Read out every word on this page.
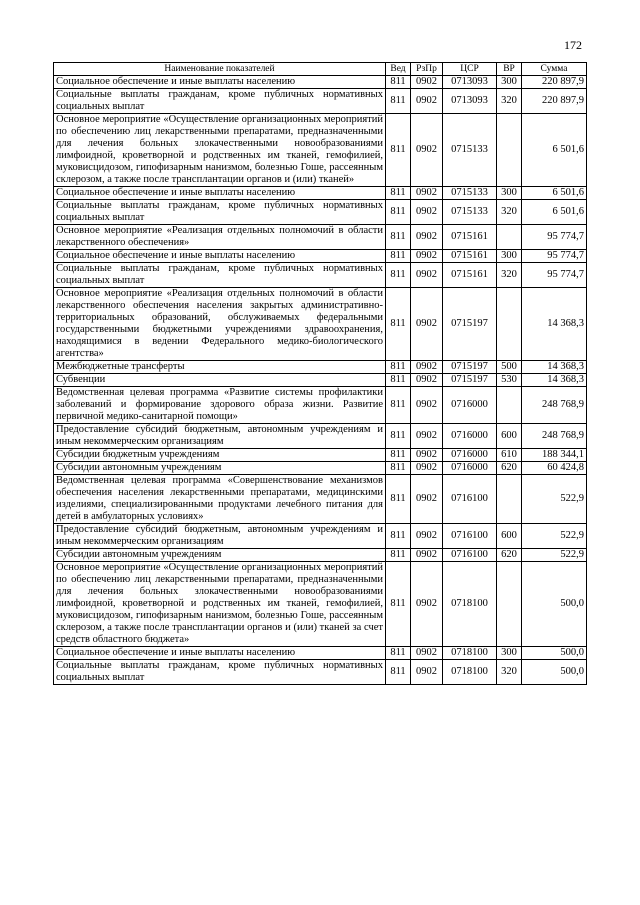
172
Наименование показателей	Вед	РзПр	ЦСР	ВР	Сумма
Социальное обеспечение и иные выплаты населению	811	0902	0713093	300	220 897,9
Социальные выплаты гражданам, кроме публичных нормативных социальных выплат	811	0902	0713093	320	220 897,9
Основное мероприятие «Осуществление организационных мероприятий по обеспечению лиц лекарственными препаратами, предназначенными для лечения больных злокачественными новообразованиями лимфоидной, кроветворной и родственных им тканей, гемофилией, муковисцидозом, гипофизарным нанизмом, болезнью Гоше, рассеянным склерозом, а также после трансплантации органов и (или) тканей»	811	0902	0715133		6 501,6
Социальное обеспечение и иные выплаты населению	811	0902	0715133	300	6 501,6
Социальные выплаты гражданам, кроме публичных нормативных социальных выплат	811	0902	0715133	320	6 501,6
Основное мероприятие «Реализация отдельных полномочий в области лекарственного обеспечения»	811	0902	0715161		95 774,7
Социальное обеспечение и иные выплаты населению	811	0902	0715161	300	95 774,7
Социальные выплаты гражданам, кроме публичных нормативных социальных выплат	811	0902	0715161	320	95 774,7
Основное мероприятие «Реализация отдельных полномочий в области лекарственного обеспечения населения закрытых административно-территориальных образований, обслуживаемых федеральными государственными бюджетными учреждениями здравоохранения, находящимися в ведении Федерального медико-биологического агентства»	811	0902	0715197		14 368,3
Межбюджетные трансферты	811	0902	0715197	500	14 368,3
Субвенции	811	0902	0715197	530	14 368,3
Ведомственная целевая программа «Развитие системы профилактики заболеваний и формирование здорового образа жизни. Развитие первичной медико-санитарной помощи»	811	0902	0716000		248 768,9
Предоставление субсидий бюджетным, автономным учреждениям и иным некоммерческим организациям	811	0902	0716000	600	248 768,9
Субсидии бюджетным учреждениям	811	0902	0716000	610	188 344,1
Субсидии автономным учреждениям	811	0902	0716000	620	60 424,8
Ведомственная целевая программа «Совершенствование механизмов обеспечения населения лекарственными препаратами, медицинскими изделиями, специализированными продуктами лечебного питания для детей в амбулаторных условиях»	811	0902	0716100		522,9
Предоставление субсидий бюджетным, автономным учреждениям и иным некоммерческим организациям	811	0902	0716100	600	522,9
Субсидии автономным учреждениям	811	0902	0716100	620	522,9
Основное мероприятие «Осуществление организационных мероприятий по обеспечению лиц лекарственными препаратами, предназначенными для лечения больных злокачественными новообразованиями лимфоидной, кроветворной и родственных им тканей, гемофилией, муковисцидозом, гипофизарным нанизмом, болезнью Гоше, рассеянным склерозом, а также после трансплантации органов и (или) тканей за счет средств областного бюджета»	811	0902	0718100		500,0
Социальное обеспечение и иные выплаты населению	811	0902	0718100	300	500,0
Социальные выплаты гражданам, кроме публичных нормативных социальных выплат	811	0902	0718100	320	500,0
